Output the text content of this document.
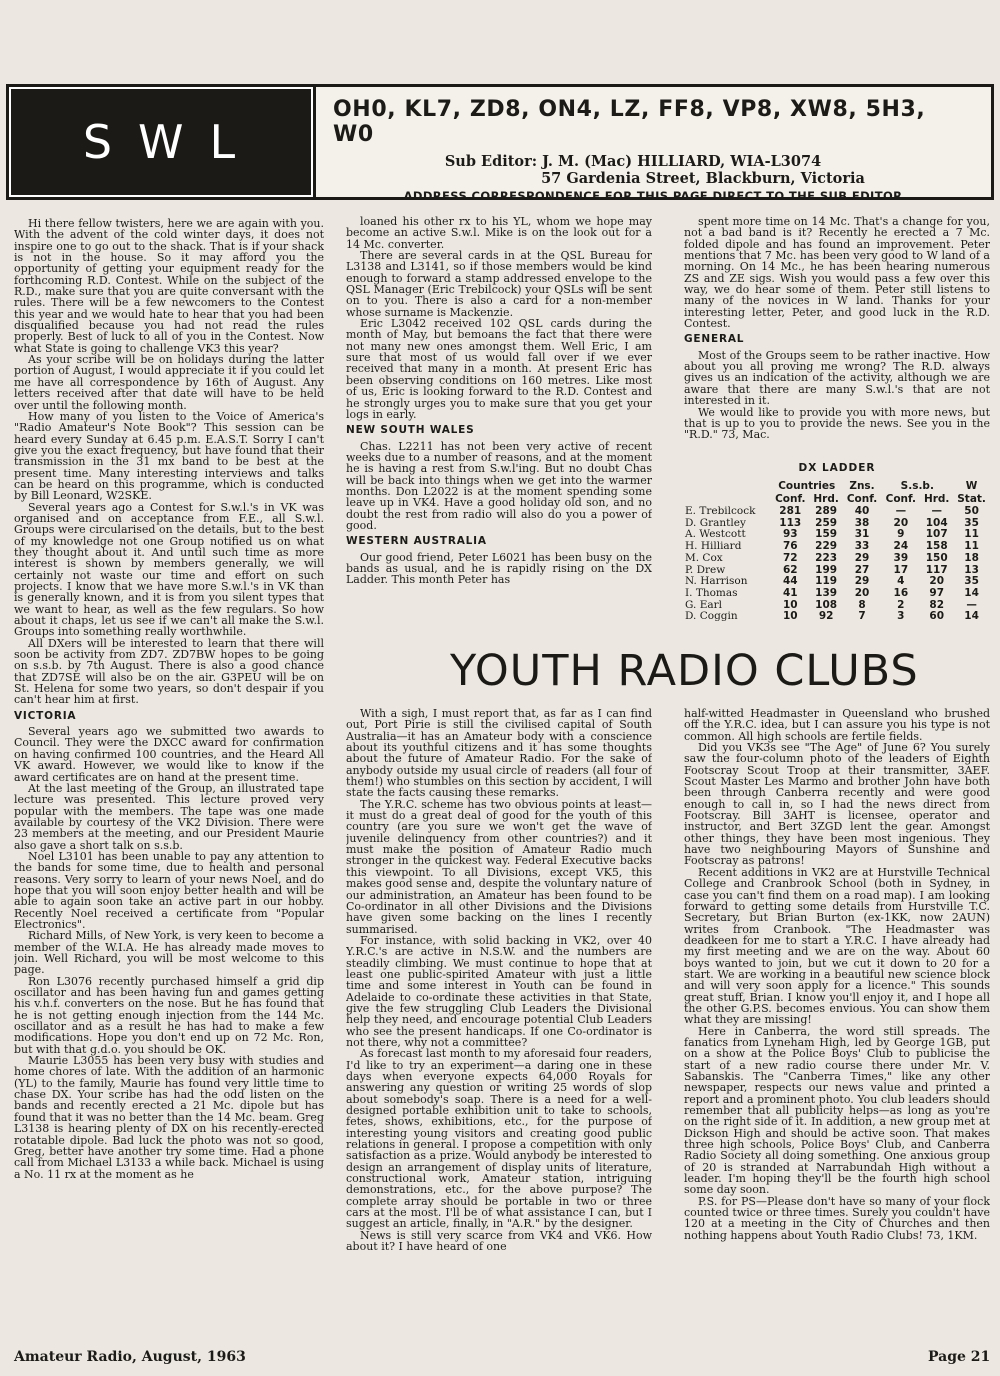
SWL
OH0, KL7, ZD8, ON4, LZ, FF8, VP8, XW8, 5H3, W0
Sub Editor: J. M. (Mac) HILLIARD, WIA-L3074
57 Gardenia Street, Blackburn, Victoria
ADDRESS CORRESPONDENCE FOR THIS PAGE DIRECT TO THE SUB EDITOR

Hi there fellow twisters, here we are again with you. With the advent of the cold winter days, it does not inspire one to go out to the shack. That is if your shack is not in the house. So it may afford you the opportunity of getting your equipment ready for the forthcoming R.D. Contest. While on the subject of the R.D., make sure that you are quite conversant with the rules. There will be a few newcomers to the Contest this year and we would hate to hear that you had been disqualified because you had not read the rules properly. Best of luck to all of you in the Contest. Now what State is going to challenge VK3 this year?

As your scribe will be on holidays during the latter portion of August, I would appreciate it if you could let me have all correspondence by 16th of August. Any letters received after that date will have to be held over until the following month.

How many of you listen to the Voice of America's "Radio Amateur's Note Book"? This session can be heard every Sunday at 6.45 p.m. E.A.S.T. Sorry I can't give you the exact frequency, but have found that their transmission in the 31 mx band to be best at the present time. Many interesting interviews and talks can be heard on this programme, which is conducted by Bill Leonard, W2SKE.

Several years ago a Contest for S.w.l.'s in VK was organised and on acceptance from F.E., all S.w.l. Groups were circularised on the details, but to the best of my knowledge not one Group notified us on what they thought about it. And until such time as more interest is shown by members generally, we will certainly not waste our time and effort on such projects. I know that we have more S.w.l.'s in VK than is generally known, and it is from you silent types that we want to hear, as well as the few regulars. So how about it chaps, let us see if we can't all make the S.w.l. Groups into something really worthwhile.

All DXers will be interested to learn that there will soon be activity from ZD7. ZD7BW hopes to be going on s.s.b. by 7th August. There is also a good chance that ZD7SE will also be on the air. G3PEU will be on St. Helena for some two years, so don't despair if you can't hear him at first.

VICTORIA

Several years ago we submitted two awards to Council. They were the DXCC award for confirmation on having confirmed 100 countries, and the Heard All VK award. However, we would like to know if the award certificates are on hand at the present time.

At the last meeting of the Group, an illustrated tape lecture was presented. This lecture proved very popular with the members. The tape was one made available by courtesy of the VK2 Division. There were 23 members at the meeting, and our President Maurie also gave a short talk on s.s.b.

Noel L3101 has been unable to pay any attention to the bands for some time, due to health and personal reasons. Very sorry to learn of your news Noel, and do hope that you will soon enjoy better health and will be able to again soon take an active part in our hobby. Recently Noel received a certificate from "Popular Electronics".

Richard Mills, of New York, is very keen to become a member of the W.I.A. He has already made moves to join. Well Richard, you will be most welcome to this page.

Ron L3076 recently purchased himself a grid dip oscillator and has been having fun and games getting his v.h.f. converters on the nose. But he has found that he is not getting enough injection from the 144 Mc. oscillator and as a result he has had to make a few modifications. Hope you don't end up on 72 Mc. Ron, but with that g.d.o. you should be OK.

Maurie L3055 has been very busy with studies and home chores of late. With the addition of an harmonic (YL) to the family, Maurie has found very little time to chase DX. Your scribe has had the odd listen on the bands and recently erected a 21 Mc. dipole but has found that it was no better than the 14 Mc. beam. Greg L3138 is hearing plenty of DX on his recently-erected rotatable dipole. Bad luck the photo was not so good, Greg, better have another try some time. Had a phone call from Michael L3133 a while back. Michael is using a No. 11 rx at the moment as he

loaned his other rx to his YL, whom we hope may become an active S.w.l. Mike is on the look out for a 14 Mc. converter.

There are several cards in at the QSL Bureau for L3138 and L3141, so if those members would be kind enough to forward a stamp addressed envelope to the QSL Manager (Eric Trebilcock) your QSLs will be sent on to you. There is also a card for a non-member whose surname is Mackenzie.

Eric L3042 received 102 QSL cards during the month of May, but bemoans the fact that there were not many new ones amongst them. Well Eric, I am sure that most of us would fall over if we ever received that many in a month. At present Eric has been observing conditions on 160 metres. Like most of us, Eric is looking forward to the R.D. Contest and he strongly urges you to make sure that you get your logs in early.

NEW SOUTH WALES

Chas. L2211 has not been very active of recent weeks due to a number of reasons, and at the moment he is having a rest from S.w.l'ing. But no doubt Chas will be back into things when we get into the warmer months. Don L2022 is at the moment spending some leave up in VK4. Have a good holiday old son, and no doubt the rest from radio will also do you a power of good.

WESTERN AUSTRALIA

Our good friend, Peter L6021 has been busy on the bands as usual, and he is rapidly rising on the DX Ladder. This month Peter has

spent more time on 14 Mc. That's a change for you, not a bad band is it? Recently he erected a 7 Mc. folded dipole and has found an improvement. Peter mentions that 7 Mc. has been very good to W land of a morning. On 14 Mc., he has been hearing numerous ZS and ZE sigs. Wish you would pass a few over this way, we do hear some of them. Peter still listens to many of the novices in W land. Thanks for your interesting letter, Peter, and good luck in the R.D. Contest.

GENERAL

Most of the Groups seem to be rather inactive. How about you all proving me wrong? The R.D. always gives us an indication of the activity, although we are aware that there are many S.w.l.'s that are not interested in it.

We would like to provide you with more news, but that is up to you to provide the news. See you in the "R.D." 73, Mac.

DX LADDER
	Countries		Zns.	S.s.b.		W
	Conf.	Hrd.	Conf.	Conf.	Hrd.	Stat.
E. Trebilcock	281	289	40	—	—	50
D. Grantley	113	259	38	20	104	35
A. Westcott	93	159	31	9	107	11
H. Hilliard	76	229	33	24	158	11
M. Cox	72	223	29	39	150	18
P. Drew	62	199	27	17	117	13
N. Harrison	44	119	29	4	20	35
I. Thomas	41	139	20	16	97	14
G. Earl	10	108	8	2	82	—
D. Coggin	10	92	7	3	60	14
YOUTH RADIO CLUBS

With a sigh, I must report that, as far as I can find out, Port Pirie is still the civilised capital of South Australia—it has an Amateur body with a conscience about its youthful citizens and it has some thoughts about the future of Amateur Radio. For the sake of anybody outside my usual circle of readers (all four of them!) who stumbles on this section by accident, I will state the facts causing these remarks.

The Y.R.C. scheme has two obvious points at least—it must do a great deal of good for the youth of this country (are you sure we won't get the wave of juvenile delinquency from other countries?) and it must make the position of Amateur Radio much stronger in the quickest way. Federal Executive backs this viewpoint. To all Divisions, except VK5, this makes good sense and, despite the voluntary nature of our administration, an Amateur has been found to be Co-ordinator in all other Divisions and the Divisions have given some backing on the lines I recently summarised.

For instance, with solid backing in VK2, over 40 Y.R.C.'s are active in N.S.W. and the numbers are steadily climbing. We must continue to hope that at least one public-spirited Amateur with just a little time and some interest in Youth can be found in Adelaide to co-ordinate these activities in that State, give the few struggling Club Leaders the Divisional help they need, and encourage potential Club Leaders who see the present handicaps. If one Co-ordinator is not there, why not a committee?

As forecast last month to my aforesaid four readers, I'd like to try an experiment—a daring one in these days when everyone expects 64,000 Royals for answering any question or writing 25 words of slop about somebody's soap. There is a need for a well-designed portable exhibition unit to take to schools, fetes, shows, exhibitions, etc., for the purpose of interesting young visitors and creating good public relations in general. I propose a competition with only satisfaction as a prize. Would anybody be interested to design an arrangement of display units of literature, constructional work, Amateur station, intriguing demonstrations, etc., for the above purpose? The complete array should be portable in two or three cars at the most. I'll be of what assistance I can, but I suggest an article, finally, in "A.R." by the designer.

News is still very scarce from VK4 and VK6. How about it? I have heard of one

half-witted Headmaster in Queensland who brushed off the Y.R.C. idea, but I can assure you his type is not common. All high schools are fertile fields.

Did you VK3s see "The Age" of June 6? You surely saw the four-column photo of the leaders of Eighth Footscray Scout Troop at their transmitter, 3AEF. Scout Master Les Marmo and brother John have both been through Canberra recently and were good enough to call in, so I had the news direct from Footscray. Bill 3AHT is licensee, operator and instructor, and Bert 3ZGD lent the gear. Amongst other things, they have been most ingenious. They have two neighbouring Mayors of Sunshine and Footscray as patrons!

Recent additions in VK2 are at Hurstville Technical College and Cranbrook School (both in Sydney, in case you can't find them on a road map). I am looking forward to getting some details from Hurstville T.C. Secretary, but Brian Burton (ex-1KK, now 2AUN) writes from Cranbook. "The Headmaster was deadkeen for me to start a Y.R.C. I have already had my first meeting and we are on the way. About 60 boys wanted to join, but we cut it down to 20 for a start. We are working in a beautiful new science block and will very soon apply for a licence." This sounds great stuff, Brian. I know you'll enjoy it, and I hope all the other G.P.S. becomes envious. You can show them what they are missing!

Here in Canberra, the word still spreads. The fanatics from Lyneham High, led by George 1GB, put on a show at the Police Boys' Club to publicise the start of a new radio course there under Mr. V. Sabanskis. The "Canberra Times," like any other newspaper, respects our news value and printed a report and a prominent photo. You club leaders should remember that all publicity helps—as long as you're on the right side of it. In addition, a new group met at Dickson High and should be active soon. That makes three high schools, Police Boys' Club, and Canberra Radio Society all doing something. One anxious group of 20 is stranded at Narrabundah High without a leader. I'm hoping they'll be the fourth high school some day soon.

P.S. for PS—Please don't have so many of your flock counted twice or three times. Surely you couldn't have 120 at a meeting in the City of Churches and then nothing happens about Youth Radio Clubs! 73, 1KM.

Amateur Radio, August, 1963	Page 21
